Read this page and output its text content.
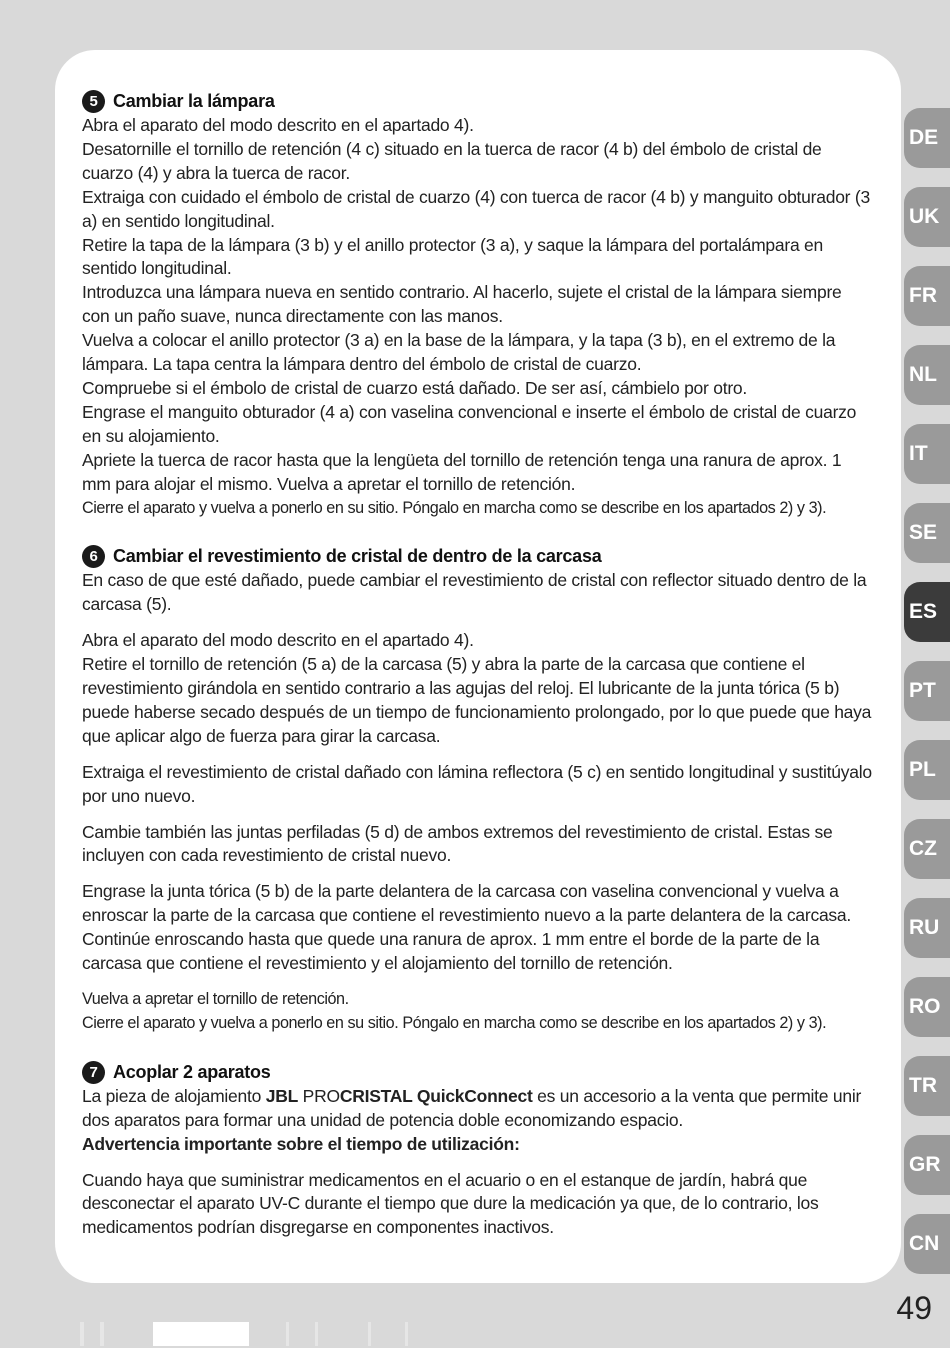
5 Cambiar la lámpara

Abra el aparato del modo descrito en el apartado 4).

Desatornille el tornillo de retención (4 c) situado en la tuerca de racor (4 b) del émbolo de cristal de cuarzo (4) y abra la tuerca de racor.

Extraiga con cuidado el émbolo de cristal de cuarzo (4) con tuerca de racor (4 b) y manguito obturador (3 a) en sentido longitudinal.

Retire la tapa de la lámpara (3 b) y el anillo protector (3 a), y saque la lámpara del portalámpara en sentido longitudinal.

Introduzca una lámpara nueva en sentido contrario. Al hacerlo, sujete el cristal de la lámpara siempre con un paño suave, nunca directamente con las manos.

Vuelva a colocar el anillo protector (3 a) en la base de la lámpara, y la tapa (3 b), en el extremo de la lámpara. La tapa centra la lámpara dentro del émbolo de cristal de cuarzo.

Compruebe si el émbolo de cristal de cuarzo está dañado. De ser así, cámbielo por otro.

Engrase el manguito obturador (4 a) con vaselina convencional e inserte el émbolo de cristal de cuarzo en su alojamiento.

Apriete la tuerca de racor hasta que la lengüeta del tornillo de retención tenga una ranura de aprox. 1 mm para alojar el mismo. Vuelva a apretar el tornillo de retención.

Cierre el aparato y vuelva a ponerlo en su sitio. Póngalo en marcha como se describe en los apartados 2) y 3).

6 Cambiar el revestimiento de cristal de dentro de la carcasa

En caso de que esté dañado, puede cambiar el revestimiento de cristal con reflector situado dentro de la carcasa (5).

Abra el aparato del modo descrito en el apartado 4).

Retire el tornillo de retención (5 a) de la carcasa (5) y abra la parte de la carcasa que contiene el revestimiento girándola en sentido contrario a las agujas del reloj. El lubricante de la junta tórica (5 b) puede haberse secado después de un tiempo de funcionamiento prolongado, por lo que puede que haya que aplicar algo de fuerza para girar la carcasa.

Extraiga el revestimiento de cristal dañado con lámina reflectora (5 c) en sentido longitudinal y sustitúyalo por uno nuevo.

Cambie también las juntas perfiladas (5 d) de ambos extremos del revestimiento de cristal. Estas se incluyen con cada revestimiento de cristal nuevo.

Engrase la junta tórica (5 b) de la parte delantera de la carcasa con vaselina convencional y vuelva a enroscar la parte de la carcasa que contiene el revestimiento nuevo a la parte delantera de la carcasa. Continúe enroscando hasta que quede una ranura de aprox. 1 mm entre el borde de la parte de la carcasa que contiene el revestimiento y el alojamiento del tornillo de retención.

Vuelva a apretar el tornillo de retención.

Cierre el aparato y vuelva a ponerlo en su sitio. Póngalo en marcha como se describe en los apartados 2) y 3).

7 Acoplar 2 aparatos

La pieza de alojamiento JBL PROCRISTAL QuickConnect es un accesorio a la venta que permite unir dos aparatos para formar una unidad de potencia doble economizando espacio.

Advertencia importante sobre el tiempo de utilización:

Cuando haya que suministrar medicamentos en el acuario o en el estanque de jardín, habrá que desconectar el aparato UV-C durante el tiempo que dure la medicación ya que, de lo contrario, los medicamentos podrían disgregarse en componentes inactivos.

DE
UK
FR
NL
IT
SE
ES
PT
PL
CZ
RU
RO
TR
GR
CN
49
